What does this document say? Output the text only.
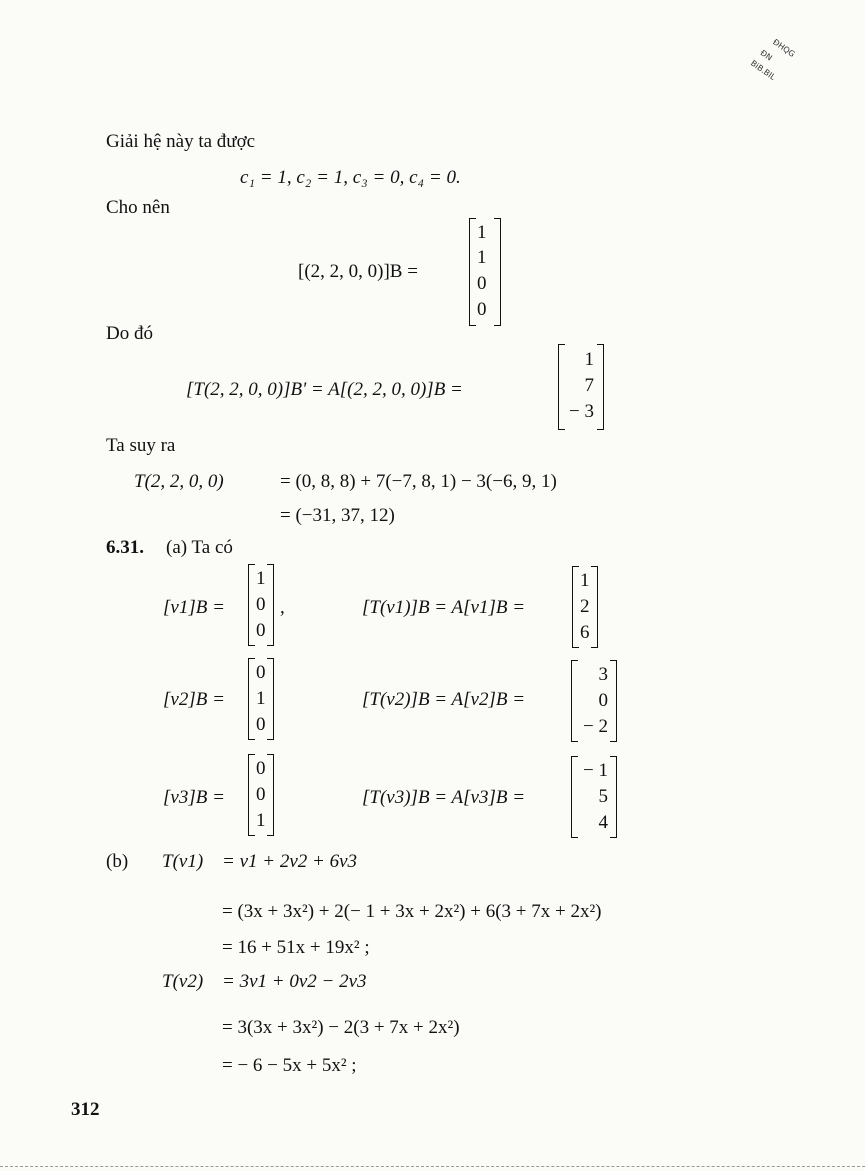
ĐHQG
ĐN
BiB.BIL
Giải hệ này ta được
c₁ = 1, c₂ = 1, c₃ = 0, c₄ = 0.
Cho nên
[(2, 2, 0, 0)]B =
1
1
0
0
Do đó
[T(2, 2, 0, 0)]B' = A[(2, 2, 0, 0)]B =
1
7
− 3
Ta suy ra
T(2, 2, 0, 0)	= (0, 8, 8) + 7(−7, 8, 1) − 3(−6, 9, 1)
= (−31, 37, 12)
6.31. (a) Ta có
[v1]B =
1
0
0
,	[T(v1)]B = A[v1]B =
1
2
6
[v2]B =
0
1
0
[T(v2)]B = A[v2]B =
3
0
− 2
[v3]B =
0
0
1
[T(v3)]B = A[v3]B =
− 1
5
4
(b) T(v1) = v1 + 2v2 + 6v3
= (3x + 3x²) + 2(− 1 + 3x + 2x²) + 6(3 + 7x + 2x²)
= 16 + 51x + 19x² ;
T(v2) = 3v1 + 0v2 − 2v3
= 3(3x + 3x²) − 2(3 + 7x + 2x²)
= − 6 − 5x + 5x² ;
312
